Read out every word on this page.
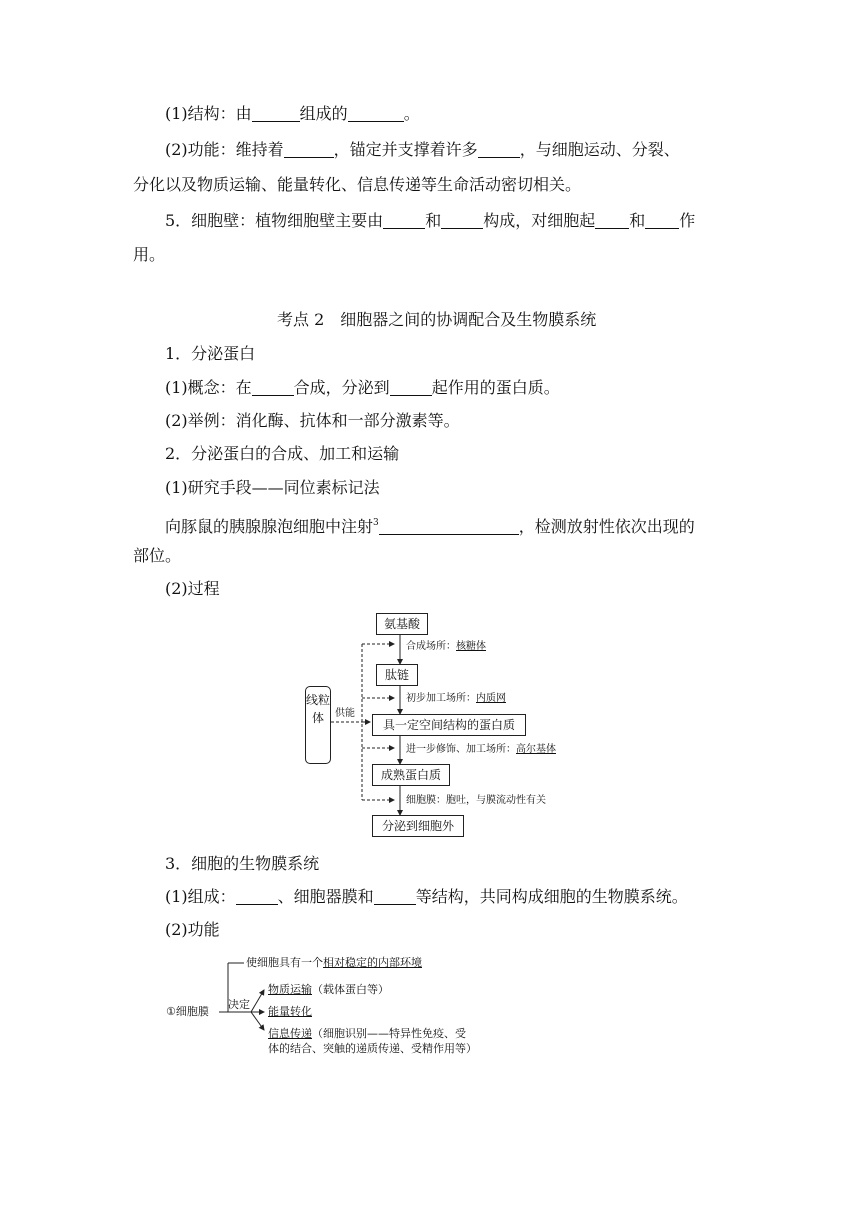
(1)结构：由	组成的	。
(2)功能：维持着	，锚定并支撑着许多	，与细胞运动、分裂、
分化以及物质运输、能量转化、信息传递等生命活动密切相关。
5．细胞壁：植物细胞壁主要由	和	构成，对细胞起 和 作
用。
考点 2　细胞器之间的协调配合及生物膜系统
1．分泌蛋白
(1)概念：在	合成，分泌到	起作用的蛋白质。
(2)举例：消化酶、抗体和一部分激素等。
2．分泌蛋白的合成、加工和运输
(1)研究手段——同位素标记法
向豚鼠的胰腺腺泡细胞中注射$^3$	，检测放射性依次出现的
部位。
(2)过程
氨基酸
肽链
具一定空间结构的蛋白质
成熟蛋白质
分泌到细胞外
合成场所：核糖体
初步加工场所：内质网
进一步修饰、加工场所：高尔基体
细胞膜：胞吐，与膜流动性有关
线粒体	供能
3．细胞的生物膜系统
(1)组成：	、细胞器膜和	等结构，共同构成细胞的生物膜系统。
(2)功能
①细胞膜
使细胞具有一个相对稳定的内部环境
决定
物质运输（载体蛋白等）
能量转化
信息传递（细胞识别——特异性免疫、受
体的结合、突触的递质传递、受精作用等）
